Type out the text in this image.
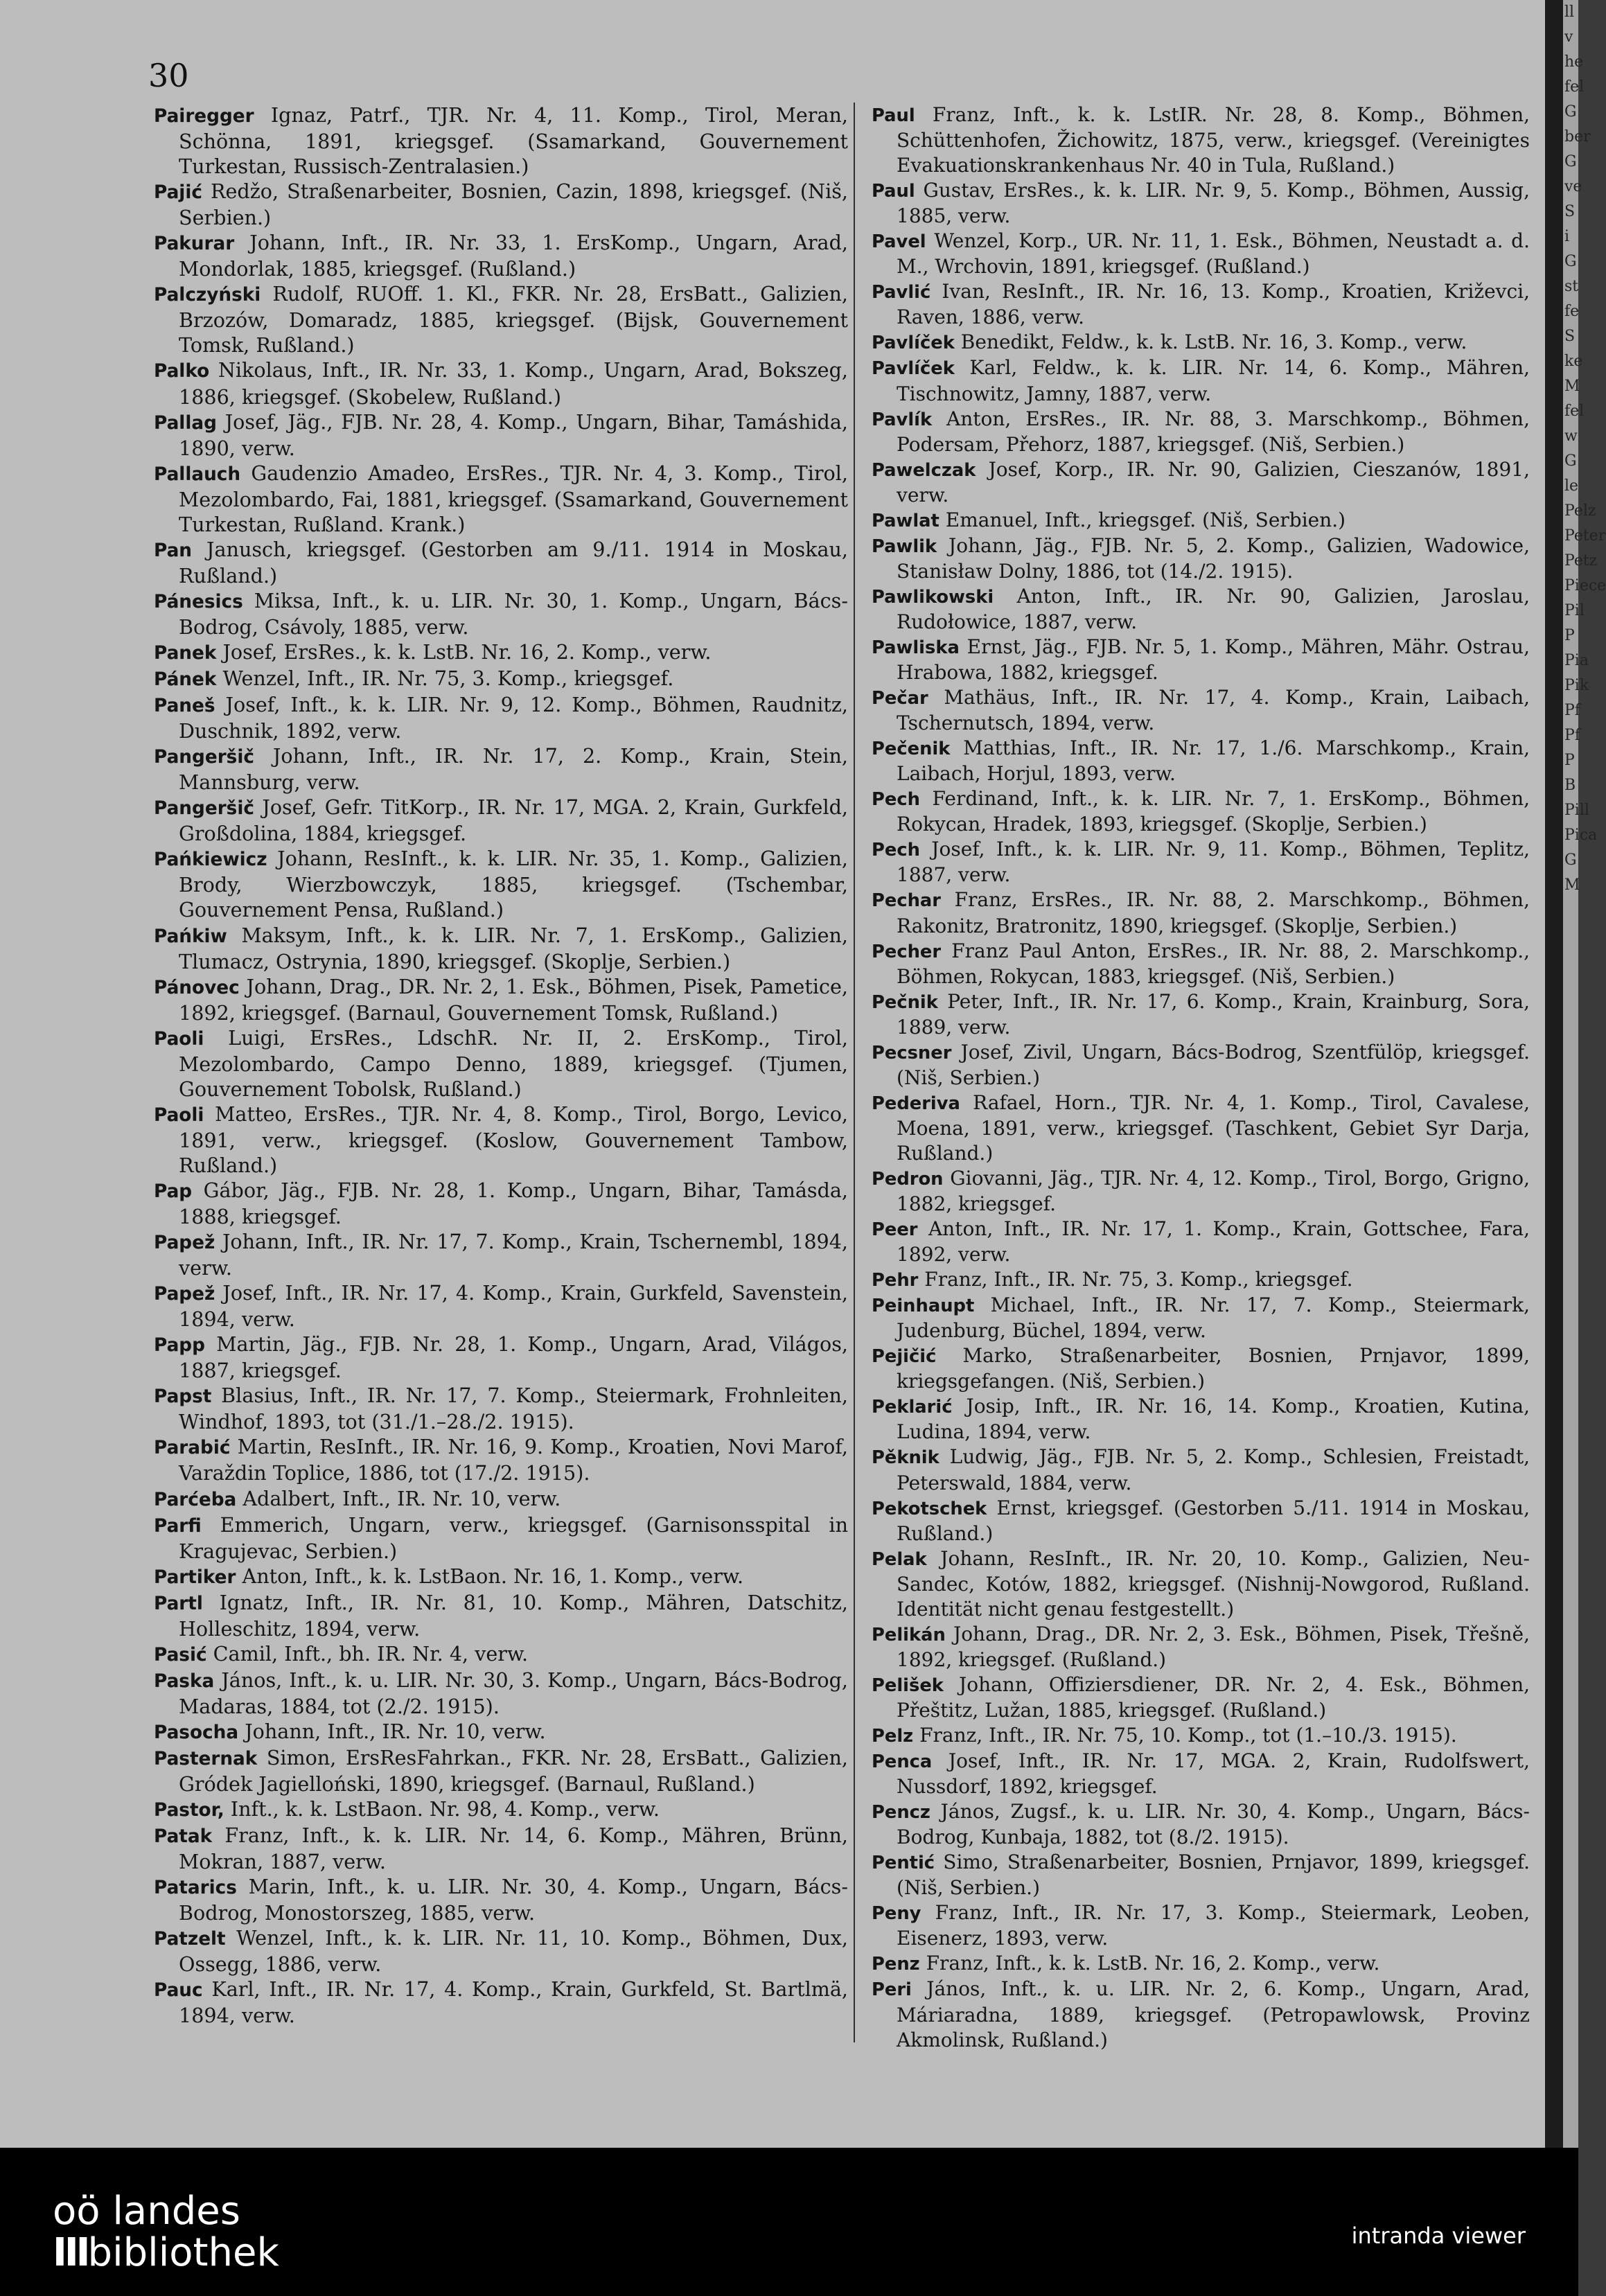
30

Pairegger Ignaz, Patrf., TJR. Nr. 4, 11. Komp., Tirol, Meran, Schönna, 1891, kriegsgef. (Ssamarkand, Gouvernement Turkestan, Russisch-Zentralasien.)

Pajić Redžo, Straßenarbeiter, Bosnien, Cazin, 1898, kriegsgef. (Niš, Serbien.)

Pakurar Johann, Inft., IR. Nr. 33, 1. ErsKomp., Ungarn, Arad, Mondorlak, 1885, kriegsgef. (Rußland.)

Palczyński Rudolf, RUOff. 1. Kl., FKR. Nr. 28, ErsBatt., Galizien, Brzozów, Domaradz, 1885, kriegsgef. (Bijsk, Gouvernement Tomsk, Rußland.)

Palko Nikolaus, Inft., IR. Nr. 33, 1. Komp., Ungarn, Arad, Bokszeg, 1886, kriegsgef. (Skobelew, Rußland.)

Pallag Josef, Jäg., FJB. Nr. 28, 4. Komp., Ungarn, Bihar, Tamáshida, 1890, verw.

Pallauch Gaudenzio Amadeo, ErsRes., TJR. Nr. 4, 3. Komp., Tirol, Mezolombardo, Fai, 1881, kriegsgef. (Ssamarkand, Gouvernement Turkestan, Rußland. Krank.)

Pan Janusch, kriegsgef. (Gestorben am 9./11. 1914 in Moskau, Rußland.)

Pánesics Miksa, Inft., k. u. LIR. Nr. 30, 1. Komp., Ungarn, Bács-Bodrog, Csávoly, 1885, verw.

Panek Josef, ErsRes., k. k. LstB. Nr. 16, 2. Komp., verw.

Pánek Wenzel, Inft., IR. Nr. 75, 3. Komp., kriegsgef.

Paneš Josef, Inft., k. k. LIR. Nr. 9, 12. Komp., Böhmen, Raudnitz, Duschnik, 1892, verw.

Pangeršič Johann, Inft., IR. Nr. 17, 2. Komp., Krain, Stein, Mannsburg, verw.

Pangeršič Josef, Gefr. TitKorp., IR. Nr. 17, MGA. 2, Krain, Gurkfeld, Großdolina, 1884, kriegsgef.

Pańkiewicz Johann, ResInft., k. k. LIR. Nr. 35, 1. Komp., Galizien, Brody, Wierzbowczyk, 1885, kriegsgef. (Tschembar, Gouvernement Pensa, Rußland.)

Pańkiw Maksym, Inft., k. k. LIR. Nr. 7, 1. ErsKomp., Galizien, Tlumacz, Ostrynia, 1890, kriegsgef. (Skoplje, Serbien.)

Pánovec Johann, Drag., DR. Nr. 2, 1. Esk., Böhmen, Pisek, Pametice, 1892, kriegsgef. (Barnaul, Gouvernement Tomsk, Rußland.)

Paoli Luigi, ErsRes., LdschR. Nr. II, 2. ErsKomp., Tirol, Mezolombardo, Campo Denno, 1889, kriegsgef. (Tjumen, Gouvernement Tobolsk, Rußland.)

Paoli Matteo, ErsRes., TJR. Nr. 4, 8. Komp., Tirol, Borgo, Levico, 1891, verw., kriegsgef. (Koslow, Gouvernement Tambow, Rußland.)

Pap Gábor, Jäg., FJB. Nr. 28, 1. Komp., Ungarn, Bihar, Tamásda, 1888, kriegsgef.

Papež Johann, Inft., IR. Nr. 17, 7. Komp., Krain, Tschernembl, 1894, verw.

Papež Josef, Inft., IR. Nr. 17, 4. Komp., Krain, Gurkfeld, Savenstein, 1894, verw.

Papp Martin, Jäg., FJB. Nr. 28, 1. Komp., Ungarn, Arad, Világos, 1887, kriegsgef.

Papst Blasius, Inft., IR. Nr. 17, 7. Komp., Steiermark, Frohnleiten, Windhof, 1893, tot (31./1.–28./2. 1915).

Parabić Martin, ResInft., IR. Nr. 16, 9. Komp., Kroatien, Novi Marof, Varaždin Toplice, 1886, tot (17./2. 1915).

Parćeba Adalbert, Inft., IR. Nr. 10, verw.

Parfi Emmerich, Ungarn, verw., kriegsgef. (Garnisonsspital in Kragujevac, Serbien.)

Partiker Anton, Inft., k. k. LstBaon. Nr. 16, 1. Komp., verw.

Partl Ignatz, Inft., IR. Nr. 81, 10. Komp., Mähren, Datschitz, Holleschitz, 1894, verw.

Pasić Camil, Inft., bh. IR. Nr. 4, verw.

Paska János, Inft., k. u. LIR. Nr. 30, 3. Komp., Ungarn, Bács-Bodrog, Madaras, 1884, tot (2./2. 1915).

Pasocha Johann, Inft., IR. Nr. 10, verw.

Pasternak Simon, ErsResFahrkan., FKR. Nr. 28, ErsBatt., Galizien, Gródek Jagielloński, 1890, kriegsgef. (Barnaul, Rußland.)

Pastor, Inft., k. k. LstBaon. Nr. 98, 4. Komp., verw.

Patak Franz, Inft., k. k. LIR. Nr. 14, 6. Komp., Mähren, Brünn, Mokran, 1887, verw.

Patarics Marin, Inft., k. u. LIR. Nr. 30, 4. Komp., Ungarn, Bács-Bodrog, Monostorszeg, 1885, verw.

Patzelt Wenzel, Inft., k. k. LIR. Nr. 11, 10. Komp., Böhmen, Dux, Ossegg, 1886, verw.

Pauc Karl, Inft., IR. Nr. 17, 4. Komp., Krain, Gurkfeld, St. Bartlmä, 1894, verw.

Paul Franz, Inft., k. k. LstIR. Nr. 28, 8. Komp., Böhmen, Schüttenhofen, Žichowitz, 1875, verw., kriegsgef. (Vereinigtes Evakuationskrankenhaus Nr. 40 in Tula, Rußland.)

Paul Gustav, ErsRes., k. k. LIR. Nr. 9, 5. Komp., Böhmen, Aussig, 1885, verw.

Pavel Wenzel, Korp., UR. Nr. 11, 1. Esk., Böhmen, Neustadt a. d. M., Wrchovin, 1891, kriegsgef. (Rußland.)

Pavlić Ivan, ResInft., IR. Nr. 16, 13. Komp., Kroatien, Križevci, Raven, 1886, verw.

Pavlíček Benedikt, Feldw., k. k. LstB. Nr. 16, 3. Komp., verw.

Pavlíček Karl, Feldw., k. k. LIR. Nr. 14, 6. Komp., Mähren, Tischnowitz, Jamny, 1887, verw.

Pavlík Anton, ErsRes., IR. Nr. 88, 3. Marschkomp., Böhmen, Podersam, Přehorz, 1887, kriegsgef. (Niš, Serbien.)

Pawelczak Josef, Korp., IR. Nr. 90, Galizien, Cieszanów, 1891, verw.

Pawlat Emanuel, Inft., kriegsgef. (Niš, Serbien.)

Pawlik Johann, Jäg., FJB. Nr. 5, 2. Komp., Galizien, Wadowice, Stanisław Dolny, 1886, tot (14./2. 1915).

Pawlikowski Anton, Inft., IR. Nr. 90, Galizien, Jaroslau, Rudołowice, 1887, verw.

Pawliska Ernst, Jäg., FJB. Nr. 5, 1. Komp., Mähren, Mähr. Ostrau, Hrabowa, 1882, kriegsgef.

Pečar Mathäus, Inft., IR. Nr. 17, 4. Komp., Krain, Laibach, Tschernutsch, 1894, verw.

Pečenik Matthias, Inft., IR. Nr. 17, 1./6. Marschkomp., Krain, Laibach, Horjul, 1893, verw.

Pech Ferdinand, Inft., k. k. LIR. Nr. 7, 1. ErsKomp., Böhmen, Rokycan, Hradek, 1893, kriegsgef. (Skoplje, Serbien.)

Pech Josef, Inft., k. k. LIR. Nr. 9, 11. Komp., Böhmen, Teplitz, 1887, verw.

Pechar Franz, ErsRes., IR. Nr. 88, 2. Marschkomp., Böhmen, Rakonitz, Bratronitz, 1890, kriegsgef. (Skoplje, Serbien.)

Pecher Franz Paul Anton, ErsRes., IR. Nr. 88, 2. Marschkomp., Böhmen, Rokycan, 1883, kriegsgef. (Niš, Serbien.)

Pečnik Peter, Inft., IR. Nr. 17, 6. Komp., Krain, Krainburg, Sora, 1889, verw.

Pecsner Josef, Zivil, Ungarn, Bács-Bodrog, Szentfülöp, kriegsgef. (Niš, Serbien.)

Pederiva Rafael, Horn., TJR. Nr. 4, 1. Komp., Tirol, Cavalese, Moena, 1891, verw., kriegsgef. (Taschkent, Gebiet Syr Darja, Rußland.)

Pedron Giovanni, Jäg., TJR. Nr. 4, 12. Komp., Tirol, Borgo, Grigno, 1882, kriegsgef.

Peer Anton, Inft., IR. Nr. 17, 1. Komp., Krain, Gottschee, Fara, 1892, verw.

Pehr Franz, Inft., IR. Nr. 75, 3. Komp., kriegsgef.

Peinhaupt Michael, Inft., IR. Nr. 17, 7. Komp., Steiermark, Judenburg, Büchel, 1894, verw.

Pejičić Marko, Straßenarbeiter, Bosnien, Prnjavor, 1899, kriegsgefangen. (Niš, Serbien.)

Peklarić Josip, Inft., IR. Nr. 16, 14. Komp., Kroatien, Kutina, Ludina, 1894, verw.

Pěknik Ludwig, Jäg., FJB. Nr. 5, 2. Komp., Schlesien, Freistadt, Peterswald, 1884, verw.

Pekotschek Ernst, kriegsgef. (Gestorben 5./11. 1914 in Moskau, Rußland.)

Pelak Johann, ResInft., IR. Nr. 20, 10. Komp., Galizien, Neu-Sandec, Kotów, 1882, kriegsgef. (Nishnij-Nowgorod, Rußland. Identität nicht genau festgestellt.)

Pelikán Johann, Drag., DR. Nr. 2, 3. Esk., Böhmen, Pisek, Třešně, 1892, kriegsgef. (Rußland.)

Pelišek Johann, Offiziersdiener, DR. Nr. 2, 4. Esk., Böhmen, Přeštitz, Lužan, 1885, kriegsgef. (Rußland.)

Pelz Franz, Inft., IR. Nr. 75, 10. Komp., tot (1.–10./3. 1915).

Penca Josef, Inft., IR. Nr. 17, MGA. 2, Krain, Rudolfswert, Nussdorf, 1892, kriegsgef.

Pencz János, Zugsf., k. u. LIR. Nr. 30, 4. Komp., Ungarn, Bács-Bodrog, Kunbaja, 1882, tot (8./2. 1915).

Pentić Simo, Straßenarbeiter, Bosnien, Prnjavor, 1899, kriegsgef. (Niš, Serbien.)

Peny Franz, Inft., IR. Nr. 17, 3. Komp., Steiermark, Leoben, Eisenerz, 1893, verw.

Penz Franz, Inft., k. k. LstB. Nr. 16, 2. Komp., verw.

Peri János, Inft., k. u. LIR. Nr. 2, 6. Komp., Ungarn, Arad, Máriaradna, 1889, kriegsgef. (Petropawlowsk, Provinz Akmolinsk, Rußland.)

ll
v
he
fel
G
ber
G
ve
S
i
G
st
fe
S
ke
M
fel
w
G
le
Pelz
Peter
Petz
Piece
Pil
P
Pia
Pik
Pf
Pf
P
B
Pill
Pica
G
M
oö landes
IIIbibliothek	intranda viewer
